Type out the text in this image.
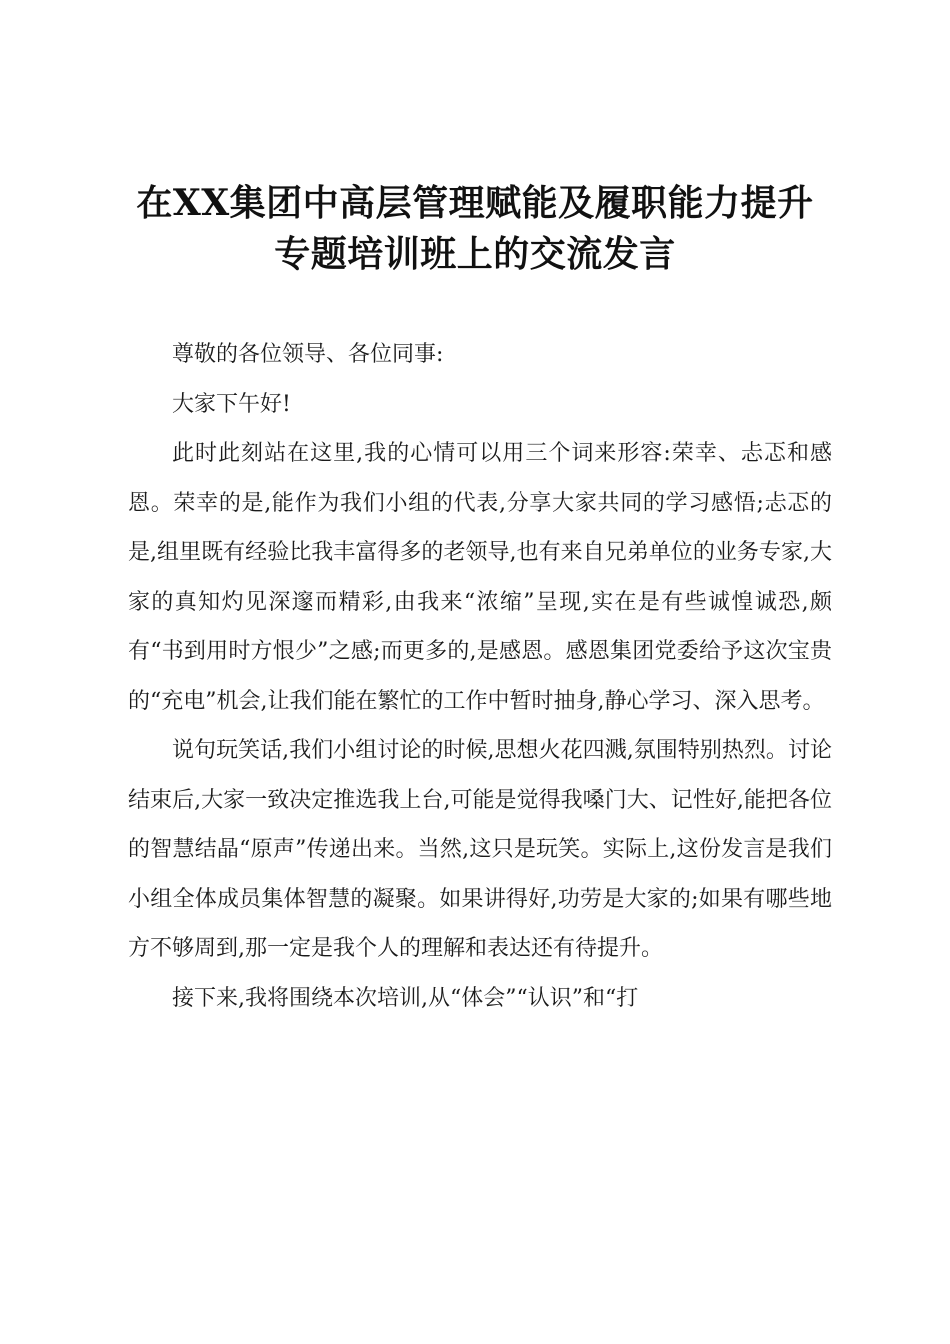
在XX集团中高层管理赋能及履职能力提升专题培训班上的交流发言

尊敬的各位领导、各位同事:

大家下午好!

此时此刻站在这里,我的心情可以用三个词来形容:荣幸、忐忑和感恩。荣幸的是,能作为我们小组的代表,分享大家共同的学习感悟;忐忑的是,组里既有经验比我丰富得多的老领导,也有来自兄弟单位的业务专家,大家的真知灼见深邃而精彩,由我来“浓缩”呈现,实在是有些诚惶诚恐,颇有“书到用时方恨少”之感;而更多的,是感恩。感恩集团党委给予这次宝贵的“充电”机会,让我们能在繁忙的工作中暂时抽身,静心学习、深入思考。

说句玩笑话,我们小组讨论的时候,思想火花四溅,氛围特别热烈。讨论结束后,大家一致决定推选我上台,可能是觉得我嗓门大、记性好,能把各位的智慧结晶“原声”传递出来。当然,这只是玩笑。实际上,这份发言是我们小组全体成员集体智慧的凝聚。如果讲得好,功劳是大家的;如果有哪些地方不够周到,那一定是我个人的理解和表达还有待提升。

接下来,我将围绕本次培训,从“体会”“认识”和“打
